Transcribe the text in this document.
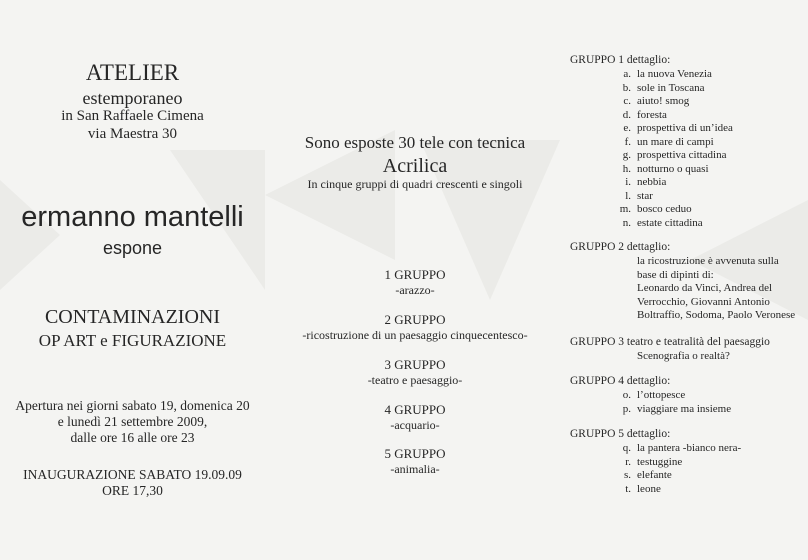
ATELIER
estemporaneo
in San Raffaele Cimena
via Maestra 30
ermanno mantelli
espone
CONTAMINAZIONI
OP ART e FIGURAZIONE
Apertura nei giorni sabato 19, domenica 20
e lunedì 21 settembre 2009,
dalle ore 16 alle ore 23
INAUGURAZIONE SABATO 19.09.09
ORE 17,30
Sono esposte 30 tele con tecnica
Acrilica
In cinque gruppi di quadri crescenti e singoli
1 GRUPPO
-arazzo-
2 GRUPPO
-ricostruzione di un paesaggio cinquecentesco-
3 GRUPPO
-teatro e paesaggio-
4 GRUPPO
-acquario-
5 GRUPPO
-animalia-
GRUPPO 1 dettaglio:
a. la nuova Venezia
b. sole in Toscana
c. aiuto! smog
d. foresta
e. prospettiva di un’idea
f. un mare di campi
g. prospettiva cittadina
h. notturno o quasi
i. nebbia
l. star
m. bosco ceduo
n. estate cittadina
GRUPPO 2 dettaglio:
la ricostruzione è avvenuta sulla
base di dipinti di:
Leonardo da Vinci, Andrea del
Verrocchio, Giovanni Antonio
Boltraffio, Sodoma, Paolo Veronese
GRUPPO 3 teatro e teatralità del paesaggio
Scenografia o realtà?
GRUPPO 4 dettaglio:
o. l’ottopesce
p. viaggiare ma insieme
GRUPPO 5 dettaglio:
q. la pantera -bianco nera-
r. testuggine
s. elefante
t. leone
